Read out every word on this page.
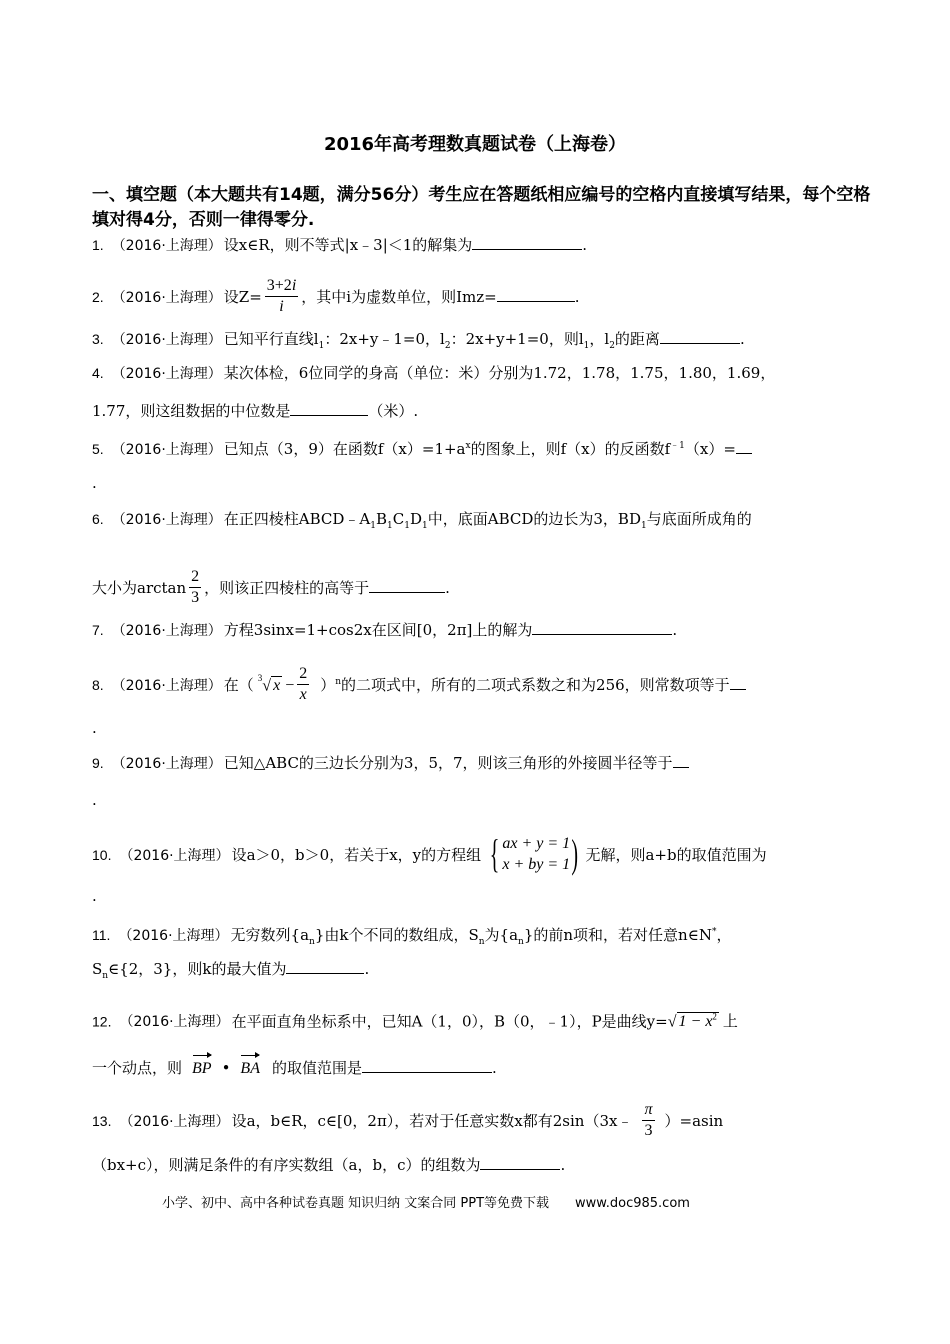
2016年高考理数真题试卷（上海卷）
一、填空题（本大题共有14题，满分56分）考生应在答题纸相应编号的空格内直接填写结果，每个空格填对得4分，否则一律得零分.
1. （2016·上海理） 设x∈R，则不等式|x﹣3|＜1的解集为	.
2. （2016·上海理） 设$Z= \frac{3+2i}{i}$ ，其中i为虚数单位，则Imz=	.
3. （2016·上海理） 已知平行直线$l_1$：2x+y﹣1=0，$l_2$：2x+y+1=0，则$l_1$，$l_2$的距离	.
4. （2016·上海理） 某次体检，6位同学的身高（单位：米）分别为1.72，1.78，1.75，1.80，1.69，
1.77，则这组数据的中位数是	（米）.
5. （2016·上海理） 已知点（3，9）在函数$f(x)=1+a^x$的图象上，则f（x）的反函数$f^{﹣1}(x)=$
.
6. （2016·上海理） 在正四棱柱$ABCD﹣A_1B_1C_1D_1$中，底面ABCD的边长为3，$BD_1$与底面所成角的
大小为$\arctan \frac{2}{3}$ ，则该正四棱柱的高等于	.
7. （2016·上海理） 方程3sinx=1+cos2x在区间[0，2π]上的解为	.
8. （2016·上海理） 在（ $^3$√ $x - \frac{2}{x} )^n$的二项式中，所有的二项式系数之和为256，则常数项等于
.
9. （2016·上海理） 已知△ABC的三边长分别为3，5，7，则该三角形的外接圆半径等于
.
10. （2016·上海理） 设a＞0，b＞0，若关于x，y的方程组 { ax + y = 1
x + by = 1 ) 无解，则a+b的取值范围为
.
11. （2016·上海理） 无穷数列$\{a_n\}$由k个不同的数组成，$S_n$为$\{a_n\}$的前n项和，若对任意n∈N*，
$S_n\in\{2$，3}，则k的最大值为	.
12. （2016·上海理） 在平面直角坐标系中，已知A（1，0），B（0，﹣1），P是曲线y=√ $1 - x^2$ 上
一个动点，则 BP • BA 的取值范围是	.
13. （2016·上海理） 设a，b∈R，c∈[0，2π），若对于任意实数x都有2sin（3x﹣ $\frac{\pi}{3} )=asin$
（bx+c），则满足条件的有序实数组（a，b，c）的组数为	.
小学、初中、高中各种试卷真题 知识归纳 文案合同 PPT等免费下载 www.doc985.com
